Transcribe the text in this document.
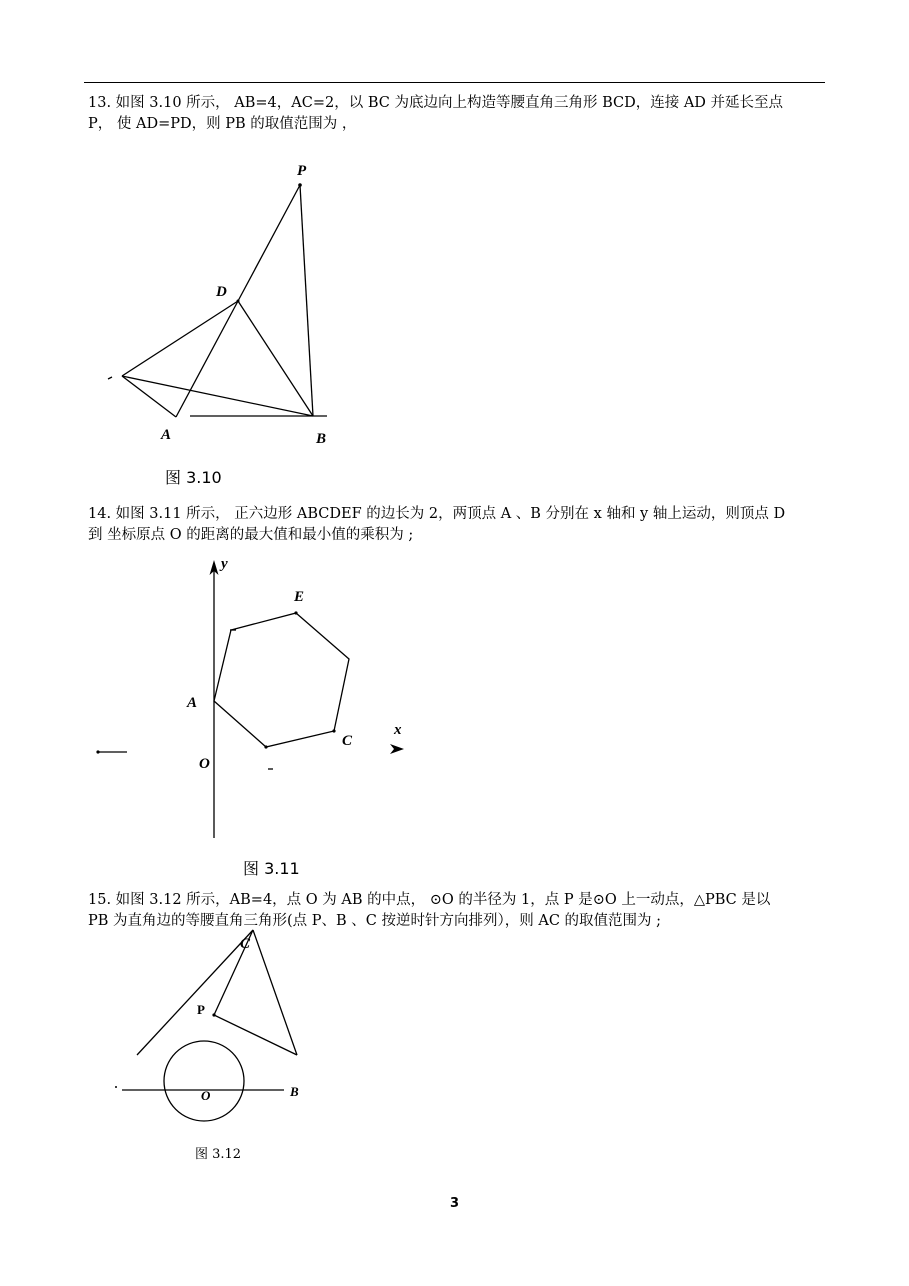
13. 如图 3.10 所示， AB=4，AC=2，以 BC 为底边向上构造等腰直角三角形 BCD，连接 AD 并延长至点
P， 使 AD=PD，则 PB 的取值范围为 ，
P
D
A	B
图 3.10
14. 如图 3.11 所示， 正六边形 ABCDEF 的边长为 2，两顶点 A 、B 分别在 x 轴和 y 轴上运动，则顶点 D
到 坐标原点 O 的距离的最大值和最小值的乘积为 ;
y
x
E
A
O
C
图 3.11
15. 如图 3.12 所示，AB=4，点 O 为 AB 的中点， ⊙O 的半径为 1，点 P 是⊙O 上一动点，△PBC 是以
PB 为直角边的等腰直角三角形(点 P、B 、C 按逆时针方向排列），则 AC 的取值范围为 ;
C
P
O	B
图 3.12
3
